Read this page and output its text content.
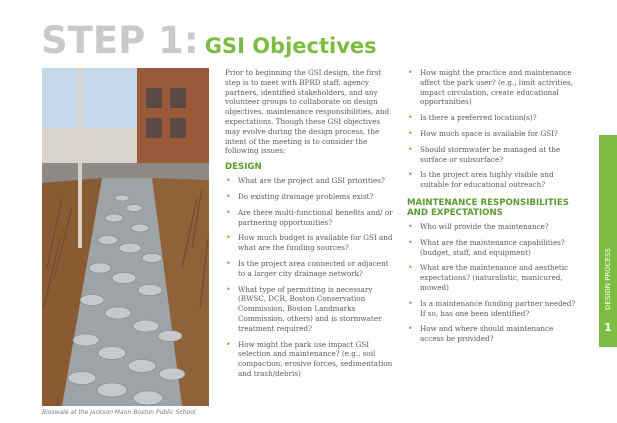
STEP 1: GSI Objectives
Bioswale at the Jackson Mann Boston Public School

Prior to beginning the GSI design, the first step is to meet with BPRD staff, agency partners, identified stakeholders, and any volunteer groups to collaborate on design objectives, maintenance responsibilities, and expectations. Though these GSI objectives may evolve during the design process, the intent of the meeting is to consider the following issues:

DESIGN
• What are the project and GSI priorities?
• Do existing drainage problems exist?
• Are there multi-functional benefits and/ or partnering opportunities?
• How much budget is available for GSI and what are the funding sources?
• Is the project area connected or adjacent to a larger city drainage network?
• What type of permitting is necessary (BWSC, DCR, Boston Conservation Commission, Boston Landmarks Commission, others) and is stormwater treatment required?
• How might the park use impact GSI selection and maintenance? (e.g., soil compaction, erosive forces, sedimentation and trash/debris)
• How might the practice and maintenance affect the park user? (e.g., limit activities, impact circulation, create educational opportunities)
• Is there a preferred location(s)?
• How much space is available for GSI?
• Should stormwater be managed at the surface or subsurface?
• Is the project area highly visible and suitable for educational outreach?
MAINTENANCE RESPONSIBILITIES AND EXPECTATIONS
• Who will provide the maintenance?
• What are the maintenance capabilities? (budget, staff, and equipment)
• What are the maintenance and aesthetic expectations? (naturalistic, manicured, mowed)
• Is a maintenance funding partner needed? If so, has one been identified?
• How and where should maintenance access be provided?
DESIGN PROCESS
1
